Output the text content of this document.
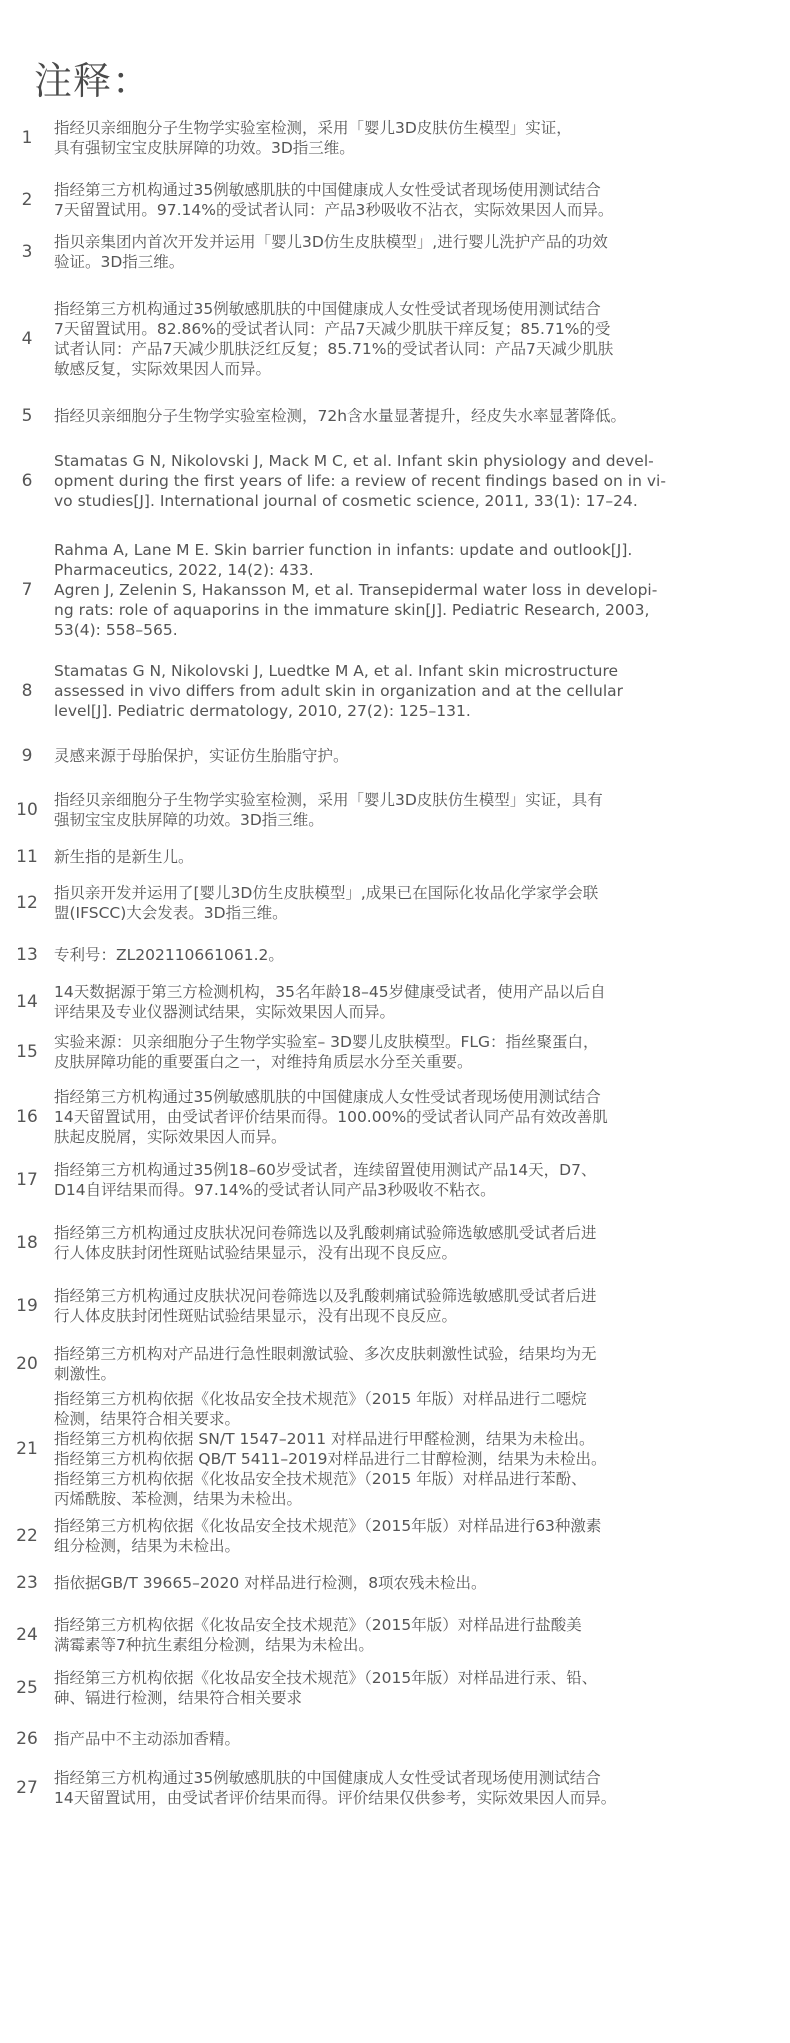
注释：
1	指经贝亲细胞分子生物学实验室检测，采用「婴儿3D皮肤仿生模型」实证，
具有强韧宝宝皮肤屏障的功效。3D指三维。
2	指经第三方机构通过35例敏感肌肤的中国健康成人女性受试者现场使用测试结合
7天留置试用。97.14%的受试者认同：产品3秒吸收不沾衣，实际效果因人而异。
3	指贝亲集团内首次开发并运用「婴儿3D仿生皮肤模型」,进行婴儿洗护产品的功效
验证。3D指三维。
4
指经第三方机构通过35例敏感肌肤的中国健康成人女性受试者现场使用测试结合
7天留置试用。82.86%的受试者认同：产品7天减少肌肤干痒反复；85.71%的受
试者认同：产品7天减少肌肤泛红反复；85.71%的受试者认同：产品7天减少肌肤
敏感反复，实际效果因人而异。
5	指经贝亲细胞分子生物学实验室检测，72h含水量显著提升，经皮失水率显著降低。
6
Stamatas G N, Nikolovski J, Mack M C, et al. Infant skin physiology and devel-
opment during the first years of life: a review of recent findings based on in vi-
vo studies[J]. International journal of cosmetic science, 2011, 33(1): 17–24.
7
Rahma A, Lane M E. Skin barrier function in infants: update and outlook[J].
Pharmaceutics, 2022, 14(2): 433.
Agren J, Zelenin S, Hakansson M, et al. Transepidermal water loss in developi-
ng rats: role of aquaporins in the immature skin[J]. Pediatric Research, 2003,
53(4): 558–565.
8
Stamatas G N, Nikolovski J, Luedtke M A, et al. Infant skin microstructure
assessed in vivo differs from adult skin in organization and at the cellular
level[J]. Pediatric dermatology, 2010, 27(2): 125–131.
9	灵感来源于母胎保护，实证仿生胎脂守护。
10	指经贝亲细胞分子生物学实验室检测，采用「婴儿3D皮肤仿生模型」实证，具有
强韧宝宝皮肤屏障的功效。3D指三维。
11	新生指的是新生儿。
12	指贝亲开发并运用了[婴儿3D仿生皮肤模型」,成果已在国际化妆品化学家学会联
盟(IFSCC)大会发表。3D指三维。
13	专利号：ZL202110661061.2。
14	14天数据源于第三方检测机构，35名年龄18–45岁健康受试者，使用产品以后自
评结果及专业仪器测试结果，实际效果因人而异。
15	实验来源：贝亲细胞分子生物学实验室– 3D婴儿皮肤模型。FLG：指丝聚蛋白，
皮肤屏障功能的重要蛋白之一，对维持角质层水分至关重要。
16
指经第三方机构通过35例敏感肌肤的中国健康成人女性受试者现场使用测试结合
14天留置试用，由受试者评价结果而得。100.00%的受试者认同产品有效改善肌
肤起皮脱屑，实际效果因人而异。
17	指经第三方机构通过35例18–60岁受试者，连续留置使用测试产品14天，D7、
D14自评结果而得。97.14%的受试者认同产品3秒吸收不粘衣。
18	指经第三方机构通过皮肤状况问卷筛选以及乳酸刺痛试验筛选敏感肌受试者后进
行人体皮肤封闭性斑贴试验结果显示，没有出现不良反应。
19	指经第三方机构通过皮肤状况问卷筛选以及乳酸刺痛试验筛选敏感肌受试者后进
行人体皮肤封闭性斑贴试验结果显示，没有出现不良反应。
20	指经第三方机构对产品进行急性眼刺激试验、多次皮肤刺激性试验，结果均为无
刺激性。
21
指经第三方机构依据《化妆品安全技术规范》（2015 年版）对样品进行二噁烷
检测，结果符合相关要求。
指经第三方机构依据 SN/T 1547–2011 对样品进行甲醛检测，结果为未检出。
指经第三方机构依据 QB/T 5411–2019对样品进行二甘醇检测，结果为未检出。
指经第三方机构依据《化妆品安全技术规范》（2015 年版）对样品进行苯酚、
丙烯酰胺、苯检测，结果为未检出。
22	指经第三方机构依据《化妆品安全技术规范》（2015年版）对样品进行63种激素
组分检测，结果为未检出。
23	指依据GB/T 39665–2020 对样品进行检测，8项农残未检出。
24	指经第三方机构依据《化妆品安全技术规范》（2015年版）对样品进行盐酸美
满霉素等7种抗生素组分检测，结果为未检出。
25	指经第三方机构依据《化妆品安全技术规范》（2015年版）对样品进行汞、铅、
砷、镉进行检测，结果符合相关要求
26	指产品中不主动添加香精。
27	指经第三方机构通过35例敏感肌肤的中国健康成人女性受试者现场使用测试结合
14天留置试用，由受试者评价结果而得。评价结果仅供参考，实际效果因人而异。
